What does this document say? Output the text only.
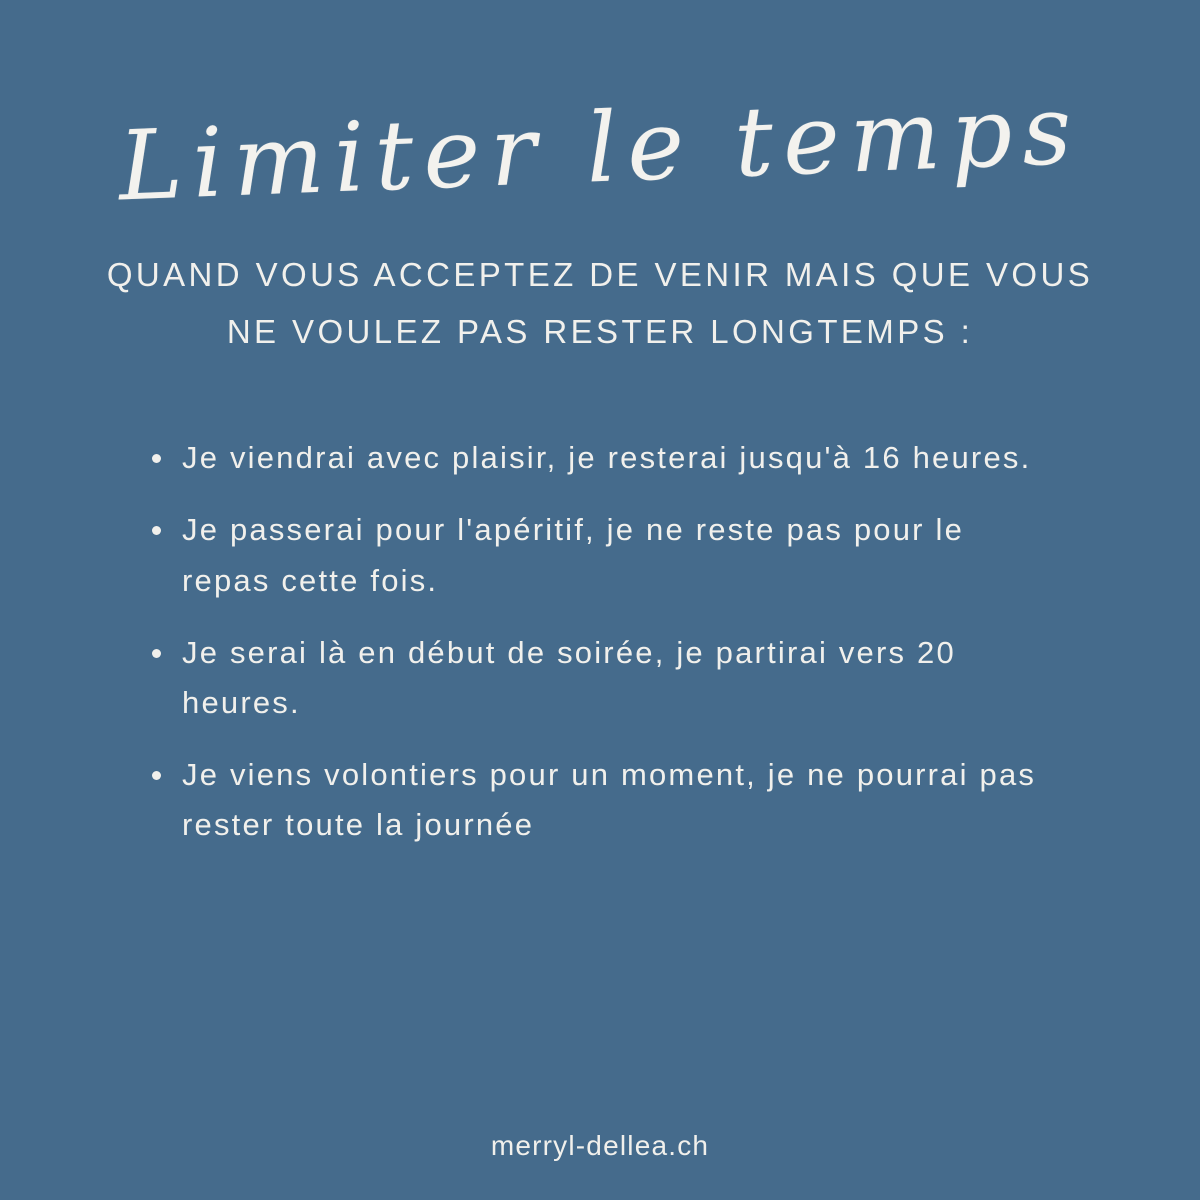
Limiter le temps
QUAND VOUS ACCEPTEZ DE VENIR MAIS QUE VOUS NE VOULEZ PAS RESTER LONGTEMPS :
Je viendrai avec plaisir, je resterai jusqu'à 16 heures.
Je passerai pour l'apéritif, je ne reste pas pour le repas cette fois.
Je serai là en début de soirée, je partirai vers 20 heures.
Je viens volontiers pour un moment, je ne pourrai pas rester toute la journée
merryl-dellea.ch
